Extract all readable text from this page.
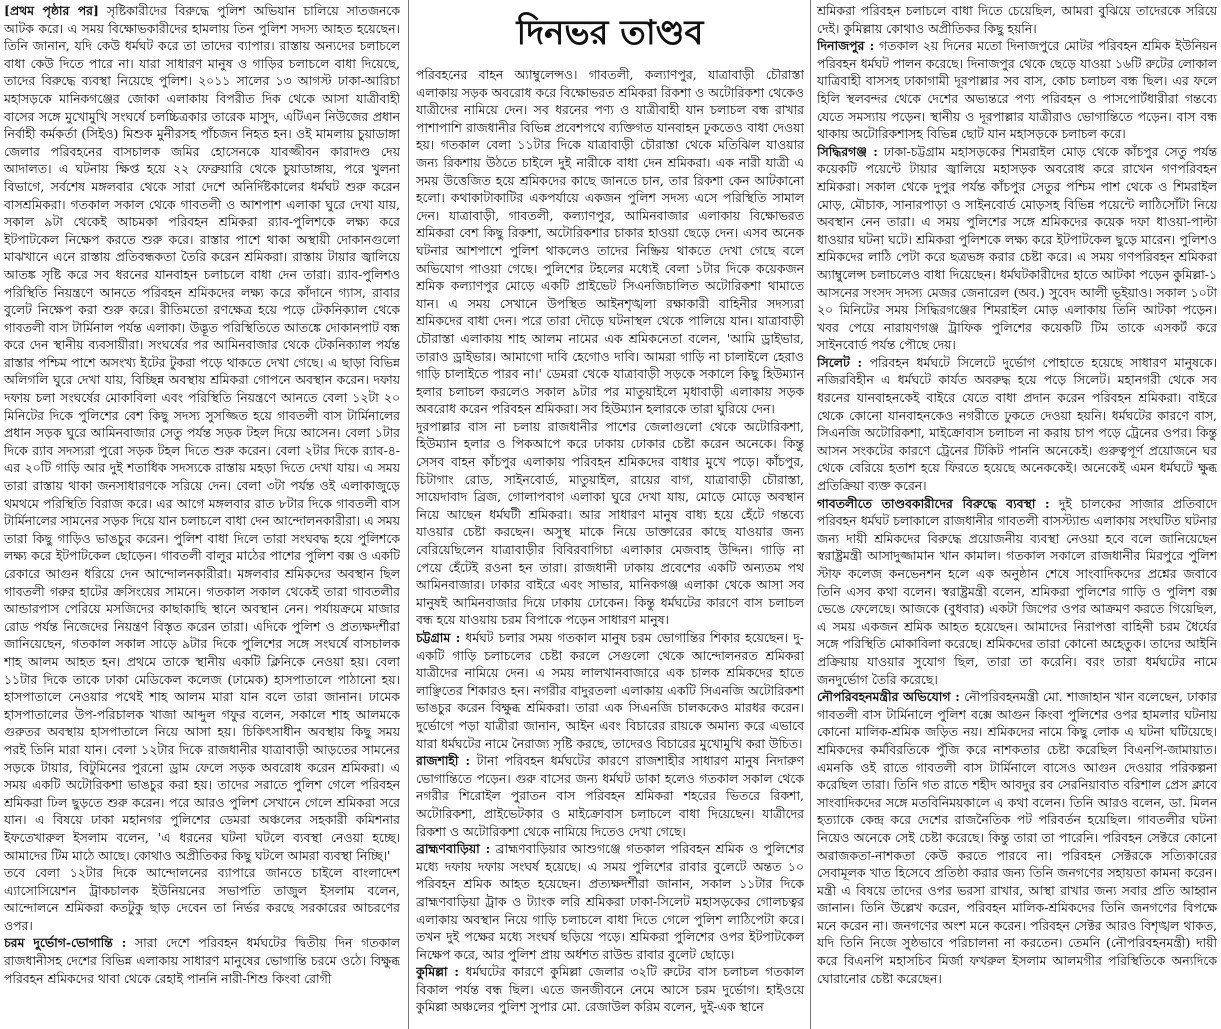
[প্রথম পৃষ্ঠার পর] সৃষ্টিকারীদের বিরুদ্ধে পুলিশ অভিযান চালিয়ে সাতজনকে আটক করে। এ সময় বিক্ষোভকারীদের হামলায় তিন পুলিশ সদস্য আহত হয়েছেন। তিনি জানান, যদি কেউ ধর্মঘট করে তা তাদের ব্যাপার। রাস্তায় অন্যদের চলাচলে বাধা কেউ দিতে পারে না। যারা সাধারণ মানুষ ও গাড়ির চলাচলে বাধা দিয়েছে, তাদের বিরুদ্ধে ব্যবস্থা নিয়েছে পুলিশ। ২০১১ সালের ১৩ আগস্ট ঢাকা-আরিচা মহাসড়কে মানিকগঞ্জের জোকা এলাকায় বিপরীত দিক থেকে আসা যাত্রীবাহী বাসের সঙ্গে মুখোমুখি সংঘর্ষে চলচ্চিত্রকার তারেক মাসুদ, এটিএন নিউজের প্রধান নির্বাহী কর্মকর্তা (সিইও) মিশুক মুনীরসহ পাঁচজন নিহত হন। ওই মামলায় চুয়াডাঙ্গা জেলার পরিবহনের বাসচালক জমির হোসেনকে যাবজ্জীবন কারাদণ্ড দেয় আদালত। এ ঘটনায় ক্ষিপ্ত হয়ে ২২ ফেব্রুয়ারি থেকে চুয়াডাঙ্গায়, পরে খুলনা বিভাগে, সর্বশেষ মঙ্গলবার থেকে সারা দেশে অনির্দিষ্টকালের ধর্মঘট শুরু করেন বাসশ্রমিকরা। গতকাল সকাল থেকে গাবতলী ও আশপাশ এলাকা ঘুরে দেখা যায়, সকাল ৯টা থেকেই আচমকা পরিবহন শ্রমিকরা র‍্যাব-পুলিশকে লক্ষ্য করে ইটপাটকেল নিক্ষেপ করতে শুরু করে। রাস্তার পাশে থাকা অস্থায়ী দোকানগুলো মাঝখানে এনে রাস্তায় প্রতিবন্ধকতা তৈরি করেন শ্রমিকরা। রাস্তায় টায়ার জ্বালিয়ে আতঙ্ক সৃষ্টি করে সব ধরনের যানবাহন চলাচলে বাধা দেন তারা। র‍্যাব-পুলিশও পরিস্থিতি নিয়ন্ত্রণে আনতে পরিবহন শ্রমিকদের লক্ষ্য করে কাঁদানে গ্যাস, রাবার বুলেট নিক্ষেপ করা শুরু করে। রীতিমতো রণক্ষেত্র হয়ে পড়ে টেকনিক্যাল থেকে গাবতলী বাস টার্মিনাল পর্যন্ত এলাকা। উদ্ভূত পরিস্থিতিতে আতঙ্কে দোকানপাট বন্ধ করে দেন স্থানীয় ব্যবসায়ীরা। সংঘর্ষের পর আমিনবাজার থেকে টেকনিক্যাল পর্যন্ত রাস্তার পশ্চিম পাশে অসংখ্য ইটের টুকরা পড়ে থাকতে দেখা গেছে। এ ছাড়া বিভিন্ন অলিগলি ঘুরে দেখা যায়, বিচ্ছিন্ন অবস্থায় শ্রমিকরা গোপনে অবস্থান করেন। দফায় দফায় চলা সংঘর্ষের মোকাবিলা এবং পরিস্থিতি নিয়ন্ত্রণে আনতে বেলা ১২টা ২০ মিনিটের দিকে পুলিশের বেশ কিছু সদস্য সুসজ্জিত হয়ে গাবতলী বাস টার্মিনালের প্রধান সড়ক ঘুরে আমিনবাজার সেতু পর্যন্ত সড়ক টহল দিয়ে আসেন। বেলা ১টার দিকে র‍্যাব সদস্যরা পুরো সড়ক টহল দিতে শুরু করেন। বেলা ২টার দিকে র‍্যাব-৪-এর ২০টি গাড়ি আর দুই শতাধিক সদস্যকে রাস্তায় মহড়া দিতে দেখা যায়। এ সময় তারা রাস্তায় থাকা জনসাধারণকে সরিয়ে দেন। বেলা ৩টা পর্যন্ত ওই এলাকাজুড়ে থমথমে পরিস্থিতি বিরাজ করে। এর আগে মঙ্গলবার রাত ৮টার দিকে গাবতলী বাস টার্মিনালের সামনের সড়ক দিয়ে যান চলাচলে বাধা দেন আন্দোলনকারীরা। এ সময় তারা কিছু গাড়িও ভাঙচুর করেন। পুলিশ বাধা দিলে তারা সংঘবদ্ধ হয়ে পুলিশকে লক্ষ্য করে ইটপাটকেল ছোড়েন। গাবতলী বালুর মাঠের পাশের পুলিশ বক্স ও একটি রেকারে আগুন ধরিয়ে দেন আন্দোলনকারীরা। মঙ্গলবার শ্রমিকদের অবস্থান ছিল গাবতলী গরুর হাটের ক্রসিংয়ের সামনে। গতকাল সকাল থেকেই তারা গাবতলীর আন্ডারপাস পেরিয়ে মসজিদের কাছাকাছি স্থানে অবস্থান নেন। পর্যায়ক্রমে মাজার রোড পর্যন্ত নিজেদের নিয়ন্ত্রণ বিস্তৃত করেন তারা। এদিকে পুলিশ ও প্রত্যক্ষদর্শীরা জানিয়েছেন, গতকাল সকাল সাড়ে ৯টার দিকে পুলিশের সঙ্গে সংঘর্ষে বাসচালক শাহ আলম আহত হন। প্রথমে তাকে স্থানীয় একটি ক্লিনিকে নেওয়া হয়। বেলা ১১টার দিকে তাকে ঢাকা মেডিকেল কলেজ (ঢামেক) হাসপাতালে পাঠানো হয়। হাসপাতালে নেওয়ার পথেই শাহ আলম মারা যান বলে তারা জানান। ঢামেক হাসপাতালের উপ-পরিচালক খাজা আব্দুল গফুর বলেন, সকালে শাহ আলমকে গুরুতর অবস্থায় হাসপাতালে নিয়ে আসা হয়। চিকিৎসাধীন অবস্থায় কিছু সময় পরই তিনি মারা যান। বেলা ১২টার দিকে রাজধানীর যাত্রাবাড়ী আড়তের সামনের সড়কে টায়ার, বিটুমিনের পুরনো ড্রাম ফেলে সড়ক অবরোধ করেন শ্রমিকরা। এ সময় একটি অটোরিকশা ভাঙচুর করা হয়। তাদের সরাতে পুলিশ গেলে পরিবহন শ্রমিকরা ঢিল ছুড়তে শুরু করেন। পরে আরও পুলিশ সেখানে গেলে শ্রমিকরা সরে যান। এ বিষয়ে ঢাকা মহানগর পুলিশের ডেমরা অঞ্চলের সহকারী কমিশনার ইফতেখারুল ইসলাম বলেন, 'এ ধরনের ঘটনা ঘটলে ব্যবস্থা নেওয়া হচ্ছে। আমাদের টিম মাঠে আছে। কোথাও অপ্রীতিকর কিছু ঘটলে আমরা ব্যবস্থা নিচ্ছি।'

তবে বেলা ১২টার দিকে আন্দোলনের ব্যাপারে জানতে চাইলে বাংলাদেশ এ্যাসোসিয়েশন ট্রাকচালক ইউনিয়নের সভাপতি তাজুল ইসলাম বলেন, আন্দোলনে শ্রমিকরা কতটুকু ছাড় দেবেন তা নির্ভর করছে সরকারের আচরণের ওপর।

চরম দুর্ভোগ-ভোগান্তি : সারা দেশে পরিবহন ধর্মঘটের দ্বিতীয় দিন গতকাল রাজধানীসহ দেশের বিভিন্ন এলাকায় সাধারণ মানুষের ভোগান্তি চরমে ওঠে। বিক্ষুব্ধ পরিবহন শ্রমিকদের থাবা থেকে রেহাই পাননি নারী-শিশু কিংবা রোগী

দিনভর তাণ্ডব

পরিবহনের বাহন অ্যাম্বুলেন্সও। গাবতলী, কল্যাণপুর, যাত্রাবাড়ী চৌরাস্তা এলাকায় সড়ক অবরোধ করে বিক্ষোভরত শ্রমিকরা রিকশা ও অটোরিকশা থেকেও যাত্রীদের নামিয়ে দেন। সব ধরনের পণ্য ও যাত্রীবাহী যান চলাচল বন্ধ রাখার পাশাপাশি রাজধানীর বিভিন্ন প্রবেশপথে ব্যক্তিগত যানবাহন ঢুকতেও বাধা দেওয়া হয়। গতকাল বেলা ১১টার দিকে যাত্রাবাড়ী চৌরাস্তা থেকে মতিঝিল যাওয়ার জন্য রিকশায় উঠতে চাইলে দুই নারীকে বাধা দেন শ্রমিকরা। এক নারী যাত্রী এ সময় উত্তেজিত হয়ে শ্রমিকদের কাছে জানতে চান, তার রিকশা কেন আটকানো হলো। কথাকাটাকাটির একপর্যায়ে একজন পুলিশ সদস্য এসে পরিস্থিতি সামাল দেন। যাত্রাবাড়ী, গাবতলী, কল্যাণপুর, আমিনবাজার এলাকায় বিক্ষোভরত শ্রমিকরা বেশ কিছু রিকশা, অটোরিকশার চাকার হাওয়া ছেড়ে দেন। এসব অনেক ঘটনার আশপাশে পুলিশ থাকলেও তাদের নিষ্ক্রিয় থাকতে দেখা গেছে বলে অভিযোগ পাওয়া গেছে। পুলিশের টহলের মধ্যেই বেলা ১টার দিকে কয়েকজন শ্রমিক কল্যাণপুর মোড়ে একটি প্রাইভেট সিএনজিচালিত অটোরিকশা থামাতে যান। এ সময় সেখানে উপস্থিত আইনশৃঙ্খলা রক্ষাকারী বাহিনীর সদস্যরা শ্রমিকদের বাধা দেন। পরে তারা দৌড়ে ঘটনাস্থল থেকে পালিয়ে যান। যাত্রাবাড়ী চৌরাস্তা এলাকায় শাহ আলম নামের এক শ্রমিকনেতা বলেন, 'আমি ড্রাইভার, তারাও ড্রাইভার। আমাগো দাবি হেগোও দাবি। আমরা গাড়ি না চালাইলে হেরাও গাড়ি চালাইতে পারব না।' ডেমরা থেকে যাত্রাবাড়ী সড়কে সকালে কিছু হিউম্যান হলার চলাচল করলেও সকাল ৯টার পর মাতুয়াইলে মৃধাবাড়ী এলাকায় সড়ক অবরোধ করেন পরিবহন শ্রমিকরা। সব হিউম্যান হলারকে তারা ঘুরিয়ে দেন।

দুরপাল্লার বাস না চলায় রাজধানীর পাশের জেলাগুলো থেকে অটোরিকশা, হিউম্যান হলার ও পিকআপে করে ঢাকায় ঢোকার চেষ্টা করেন অনেকে। কিন্তু সেসব বাহন কাঁচপুর এলাকায় পরিবহন শ্রমিকদের বাধার মুখে পড়ে। কাঁচপুর, চিটাগাং রোড, সাইনবোর্ড, মাতুয়াইল, রায়ের বাগ, যাত্রাবাড়ী চৌরাস্তা, সায়েদাবাদ ব্রিজ, গোলাপবাগ এলাকা ঘুরে দেখা যায়, মোড়ে মোড়ে অবস্থান নিয়ে আছেন ধর্মঘটী শ্রমিকরা। আর সাধারণ মানুষ বাধ্য হয়ে হেঁটে গন্তব্যে যাওয়ার চেষ্টা করছেন। অসুস্থ মাকে নিয়ে ডাক্তারের কাছে যাওয়ার জন্য বেরিয়েছিলেন যাত্রাবাড়ীর বিবিরবাগিচা এলাকার মেজবাহ উদ্দিন। গাড়ি না পেয়ে হেঁটেই রওনা হন তারা। রাজধানী ঢাকায় প্রবেশের একটি অন্যতম পথ আমিনবাজার। ঢাকার বাইরে এবং সাভার, মানিকগঞ্জ এলাকা থেকে আসা সব মানুষই আমিনবাজার দিয়ে ঢাকায় ঢোকেন। কিন্তু ধর্মঘটের কারণে বাস চলাচল বন্ধ হয়ে যাওয়ায় চরম বিপাকে পড়েন সাধারণ মানুষ।

চট্টগ্রাম : ধর্মঘট চলার সময় গতকাল মানুষ চরম ভোগান্তির শিকার হয়েছেন। দু-একটি গাড়ি চলাচলের চেষ্টা করলে সেগুলো থেকে আন্দোলনরত শ্রমিকরা যাত্রীদের নামিয়ে দেন। এ সময় লালখানবাজারে এক চালক শ্রমিকদের হাতে লাঞ্ছিতের শিকারও হন। নগরীর বাদুরতলা এলাকায় একটি সিএনজি অটোরিকশা ভাঙচুর করেন বিক্ষুব্ধ শ্রমিকরা। তারা এক সিএনজি চালককেও মারধর করেন। দুর্ভোগে পড়া যাত্রীরা জানান, আইন এবং বিচারের রায়কে অমান্য করে এভাবে যারা ধর্মঘটের নামে নৈরাজ্য সৃষ্টি করছে, তাদেরও বিচারের মুখোমুখি করা উচিত।

রাজশাহী : টানা পরিবহন ধর্মঘটের কারণে রাজশাহীর সাধারণ মানুষ নিদারুণ ভোগান্তিতে পড়েন। গুরু বাসের জন্য ধর্মঘট ডাকা হলেও গতকাল সকাল থেকে নগরীর শিরোইল পুরাতন বাস পরিবহন শ্রমিকরা শহরের ভিতরে রিকশা, অটোরিকশা, প্রাইভেটকার ও মাইক্রোবাস চলাচলে বাধা দিয়েছেন। যাত্রীদের রিকশা ও অটোরিকশা থেকে নামিয়ে দিতেও দেখা গেছে।

ব্রাহ্মণবাড়িয়া : ব্রাহ্মণবাড়িয়ার আশুগঞ্জে গতকাল পরিবহন শ্রমিক ও পুলিশের মধ্যে দফায় দফায় সংঘর্ষ হয়েছে। এ সময় পুলিশের রাবার বুলেটে অন্তত ১০ পরিবহন শ্রমিক আহত হয়েছেন। প্রত্যক্ষদর্শীরা জানান, সকাল ১১টার দিকে ব্রাহ্মণবাড়িয়া ট্রাক ও ট্যাংক লরি শ্রমিকরা ঢাকা-সিলেট মহাসড়কের গোলচত্বর এলাকায় অবস্থান নিয়ে গাড়ি চলাচলে বাধা দিতে গেলে পুলিশ লাঠিপেটা করে। তখন দুই পক্ষের মধ্যে সংঘর্ষ ছড়িয়ে পড়ে। শ্রমিকরা পুলিশের ওপর ইটপাটকেল নিক্ষেপ করে, আর পুলিশ প্রায় অর্ধশত রাউন্ড রাবার বুলেট ছোড়ে।

কুমিল্লা : ধর্মঘটের কারণে কুমিল্লা জেলার ৩২টি রুটের বাস চলাচল গতকাল বিকাল পর্যন্ত বন্ধ ছিল। এতে জনজীবনে নেমে আসে চরম দুর্ভোগ। হাইওয়ে কুমিল্লা অঞ্চলের পুলিশ সুপার মো. রেজাউল করিম বলেন, দুই-এক স্থানে

শ্রমিকরা পরিবহন চলাচলে বাধা দিতে চেয়েছিল, আমরা বুঝিয়ে তাদেরকে সরিয়ে দেই। কুমিল্লায় কোথাও অপ্রীতিকর কিছু হয়নি।

দিনাজপুর : গতকাল ২য় দিনের মতো দিনাজপুরে মোটর পরিবহন শ্রমিক ইউনিয়ন পরিবহন ধর্মঘট পালন করেছে। দিনাজপুর থেকে ছেড়ে যাওয়া ১৬টি রুটের লোকাল যাত্রিবাহী বাসসহ ঢাকাগামী দূরপাল্লার সব বাস, কোচ চলাচল বন্ধ ছিল। এর ফলে হিলি স্থলবন্দর থেকে দেশের অভ্যন্তরে পণ্য পরিবহন ও পাসপোর্টধারীরা গন্তব্যে যেতে সমস্যায় পড়েন। স্থানীয় ও দূরপাল্লার যাত্রীরাও ভোগান্তিতে পড়েন। বাস বন্ধ থাকায় অটোরিকশাসহ বিভিন্ন ছোট যান মহাসড়কে চলাচল করে।

সিদ্ধিরগঞ্জ : ঢাকা-চট্টগ্রাম মহাসড়কের শিমরাইল মোড় থেকে কাঁচপুর সেতু পর্যন্ত কয়েকটি পয়েন্টে টায়ার জ্বালিয়ে মহাসড়ক অবরোধ করে রাখেন গণপরিবহন শ্রমিকরা। সকাল থেকে দুপুর পর্যন্ত কাঁচপুর সেতুর পশ্চিম পাশ থেকে ও শিমরাইল মোড়, মৌচাক, সানারপাড়া ও সাইনবোর্ড মোড়সহ বিভিন্ন পয়েন্টে লাঠিসোঁটা নিয়ে অবস্থান নেন তারা। এ সময় পুলিশের সঙ্গে শ্রমিকদের কয়েক দফা ধাওয়া-পাল্টা ধাওয়ার ঘটনা ঘটে। শ্রমিকরা পুলিশকে লক্ষ্য করে ইটপাটকেল ছুড়ে মারেন। পুলিশও শ্রমিকদের লাঠি পেটা করে ছত্রভঙ্গ করার চেষ্টা করে। এ সময় গণপরিবহন শ্রমিকরা অ্যাম্বুলেন্স চলাচলেও বাধা দিয়েছেন। ধর্মঘটকারীদের হাতে আটকা পড়েন কুমিল্লা-১ আসনের সংসদ সদস্য মেজর জেনারেল (অব.) সুবেদ আলী ভূইয়াও। সকাল ১০টা ২০ মিনিটের সময় সিদ্ধিরগঞ্জের শিমরাইল মোড় এলাকায় তিনি আটকা পড়েন। খবর পেয়ে নারায়ণগঞ্জ ট্রাফিক পুলিশের কয়েকটি টিম তাকে এসকর্ট করে সাইনবোর্ড পর্যন্ত পৌছে দেয়।

সিলেট : পরিবহন ধর্মঘটে সিলেটে দুর্ভোগ পোহাতে হয়েছে সাধারণ মানুষকে। নজিরবিহীন এ ধর্মঘটে কার্যত অবরুদ্ধ হয়ে পড়ে সিলেট। মহানগরী থেকে সব ধরনের যানবাহনকেই বাইরে যেতে বাধা প্রদান করেন পরিবহন শ্রমিকরা। বাইরে থেকে কোনো যানবাহনকেও নগরীতে ঢুকতে দেওয়া হয়নি। ধর্মঘটের কারণে বাস, সিএনজি অটোরিকশা, মাইক্রোবাস চলাচল না করায় চাপ পড়ে ট্রেনের ওপর। কিন্তু আসন সংকটের কারণে ট্রেনের টিকিট পাননি অনেকেই। গুরুত্বপূর্ণ প্রয়োজনে ঘর থেকে বেরিয়ে হতাশ হয়ে ফিরতে হয়েছে অনেককেই। অনেকেই এমন ধর্মঘটে ক্ষুব্ধ প্রতিক্রিয়া ব্যক্ত করেন।

গাবতলীতে তাণ্ডবকারীদের বিরুদ্ধে ব্যবস্থা : দুই চালকের সাজার প্রতিবাদে পরিবহন ধর্মঘট চলাকালে রাজধানীর গাবতলী বাসস্ট্যান্ড এলাকায় সংঘটিত ঘটনার জন্য দায়ী শ্রমিকদের বিরুদ্ধে প্রয়োজনীয় ব্যবস্থা নেওয়া হবে বলে জানিয়েছেন স্বরাষ্ট্রমন্ত্রী আসাদুজ্জামান খান কামাল। গতকাল সকালে রাজধানীর মিরপুরে পুলিশ স্টাফ কলেজ কনভেনশন হলে এক অনুষ্ঠান শেষে সাংবাদিকদের প্রশ্নের জবাবে তিনি এসব কথা বলেন। স্বরাষ্ট্রমন্ত্রী বলেন, শ্রমিকরা পুলিশের গাড়ি ও পুলিশ বক্স ভেঙে ফেলেছে। আজকে (বুধবার) একটা জিপের ওপর আক্রমণ করতে গিয়েছিল, এ সময় একজন শ্রমিক আহত হয়েছেন। আমাদের নিরাপত্তা বাহিনী চরম ধৈর্যের সঙ্গে পরিস্থিতি মোকাবিলা করেছে। শ্রমিকদের তারা কোনো অহেতুক। তাদের আইনি প্রক্রিয়ায় যাওয়ার সুযোগ ছিল, তারা তা করেনি। বরং তারা ধর্মঘটের নামে জনদুর্ভোগ তৈরি করেছে।

নৌপরিবহনমন্ত্রীর অভিযোগ : নৌপরিবহনমন্ত্রী মো. শাজাহান খান বলেছেন, ঢাকার গাবতলী বাস টার্মিনালে পুলিশ বক্সে আগুন কিংবা পুলিশের ওপর হামলার ঘটনায় কোনো মালিক-শ্রমিক জড়িত নয়। শ্রমিকদের নামে কিছু লোক এ ঘটনা ঘটিয়েছে। শ্রমিকদের কর্মবিরতিকে পুঁজি করে নাশকতার চেষ্টা করেছিল বিএনপি-জামায়াত। এমনকি ওই রাতে গাবতলী বাস টার্মিনালে বাসেও আগুন দেওয়ার পরিকল্পনা করেছিল তারা। তিনি গত রাতে শহীদ আবদুর রব সেরনিয়াবাত বরিশাল প্রেস ক্লাবে সাংবাদিকদের সঙ্গে মতবিনিময়কালে এ কথা বলেন। তিনি আরও বলেন, ডা. মিলন হত্যাকে কেন্দ্র করে দেশের রাজনৈতিক পট পরিবর্তন হয়েছিল। গাবতলীর ঘটনা নিয়েও অনেকে সেই চেষ্টা করেছে। কিন্তু তারা তা পারেনি। পরিবহন সেক্টরে কোনো অরাজকতা-নাশকতা কেউ করতে পারবে না। পরিবহন সেক্টরকে সত্যিকারের সেবামূলক খাত হিসেবে প্রতিষ্ঠা করার জন্য তিনি জনগণের সহায়তা কামনা করেন। মন্ত্রী এ বিষয়ে তাদের ওপর ভরসা রাখার, আস্থা রাখার জন্য সবার প্রতি আহ্বান জানান। তিনি উল্লেখ করেন, পরিবহন মালিক-শ্রমিকদের তিনি জনগণের বিপক্ষে মনে করেন না। জনগণের অংশ মনে করেন। পরিবহন সেক্টর আরও বিশৃঙ্খল থাকত, যদি তিনি নিজে সুষ্ঠভাবে পরিচালনা না করতেন। তেমনি (নৌপরিবহনমন্ত্রী) দায়ী করে বিএনপি মহাসচিব মির্জা ফখরুল ইসলাম আলমগীর পরিস্থিতিকে অন্যদিকে ঘোরানোর চেষ্টা করেছেন।
